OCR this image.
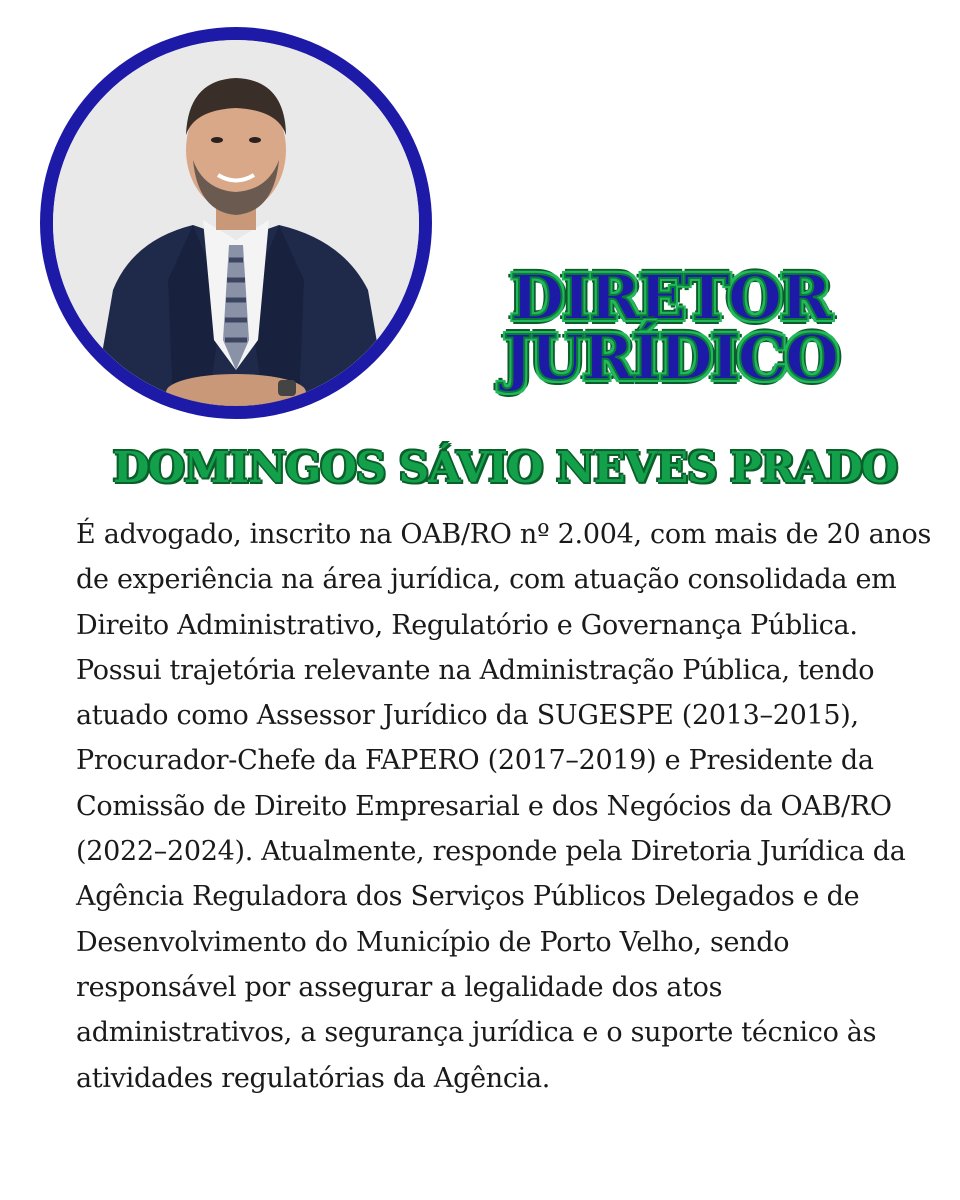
DIRETOR
JURÍDICO
DOMINGOS SÁVIO NEVES PRADO

É advogado, inscrito na OAB/RO nº 2.004, com mais de 20 anos de experiência na área jurídica, com atuação consolidada em Direito Administrativo, Regulatório e Governança Pública.

Possui trajetória relevante na Administração Pública, tendo atuado como Assessor Jurídico da SUGESPE (2013–2015), Procurador-Chefe da FAPERO (2017–2019) e Presidente da Comissão de Direito Empresarial e dos Negócios da OAB/RO (2022–2024). Atualmente, responde pela Diretoria Jurídica da Agência Reguladora dos Serviços Públicos Delegados e de Desenvolvimento do Município de Porto Velho, sendo responsável por assegurar a legalidade dos atos administrativos, a segurança jurídica e o suporte técnico às atividades regulatórias da Agência.
